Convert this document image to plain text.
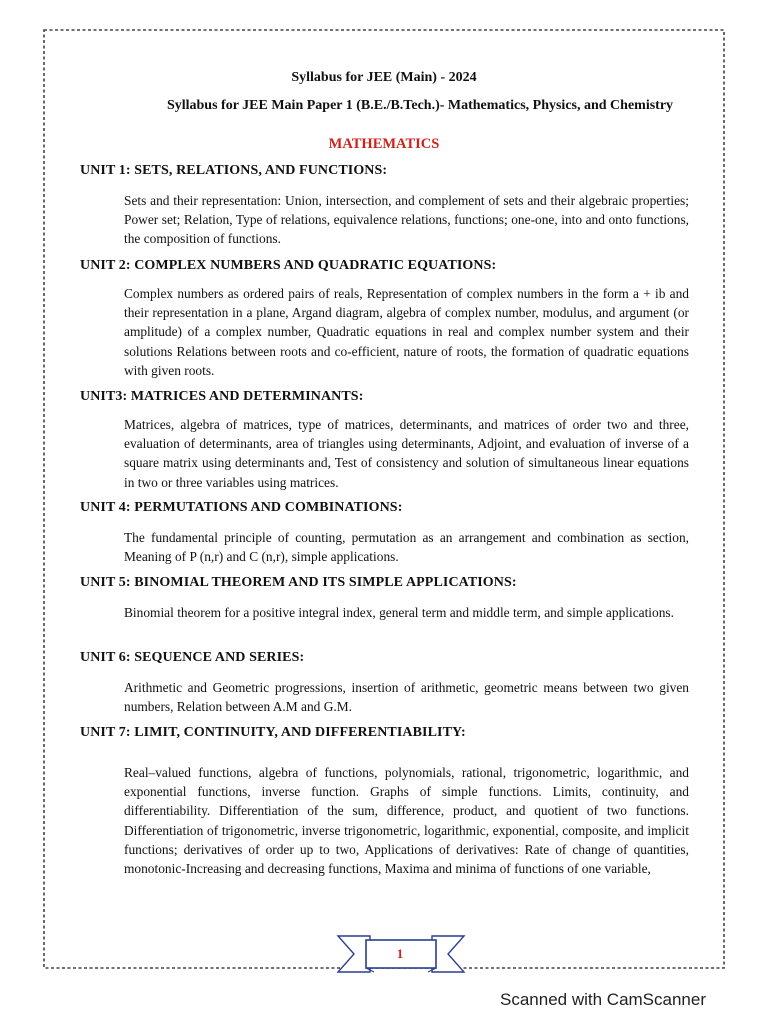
Syllabus for JEE (Main) - 2024
Syllabus for JEE Main Paper 1 (B.E./B.Tech.)- Mathematics, Physics, and Chemistry
MATHEMATICS
UNIT 1: SETS, RELATIONS, AND FUNCTIONS:
Sets and their representation: Union, intersection, and complement of sets and their algebraic properties; Power set; Relation, Type of relations, equivalence relations, functions; one-one, into and onto functions, the composition of functions.
UNIT 2: COMPLEX NUMBERS AND QUADRATIC EQUATIONS:
Complex numbers as ordered pairs of reals, Representation of complex numbers in the form a + ib and their representation in a plane, Argand diagram, algebra of complex number, modulus, and argument (or amplitude) of a complex number, Quadratic equations in real and complex number system and their solutions Relations between roots and co-efficient, nature of roots, the formation of quadratic equations with given roots.
UNIT3: MATRICES AND DETERMINANTS:
Matrices, algebra of matrices, type of matrices, determinants, and matrices of order two and three, evaluation of determinants, area of triangles using determinants, Adjoint, and evaluation of inverse of a square matrix using determinants and, Test of consistency and solution of simultaneous linear equations in two or three variables using matrices.
UNIT 4: PERMUTATIONS AND COMBINATIONS:
The fundamental principle of counting, permutation as an arrangement and combination as section, Meaning of P (n,r) and C (n,r), simple applications.
UNIT 5: BINOMIAL THEOREM AND ITS SIMPLE APPLICATIONS:
Binomial theorem for a positive integral index, general term and middle term, and simple applications.
UNIT 6: SEQUENCE AND SERIES:
Arithmetic and Geometric progressions, insertion of arithmetic, geometric means between two given numbers, Relation between A.M and G.M.
UNIT 7: LIMIT, CONTINUITY, AND DIFFERENTIABILITY:
Real–valued functions, algebra of functions, polynomials, rational, trigonometric, logarithmic, and exponential functions, inverse function. Graphs of simple functions. Limits, continuity, and differentiability. Differentiation of the sum, difference, product, and quotient of two functions. Differentiation of trigonometric, inverse trigonometric, logarithmic, exponential, composite, and implicit functions; derivatives of order up to two, Applications of derivatives: Rate of change of quantities, monotonic-Increasing and decreasing functions, Maxima and minima of functions of one variable,
1
Scanned with CamScanner
